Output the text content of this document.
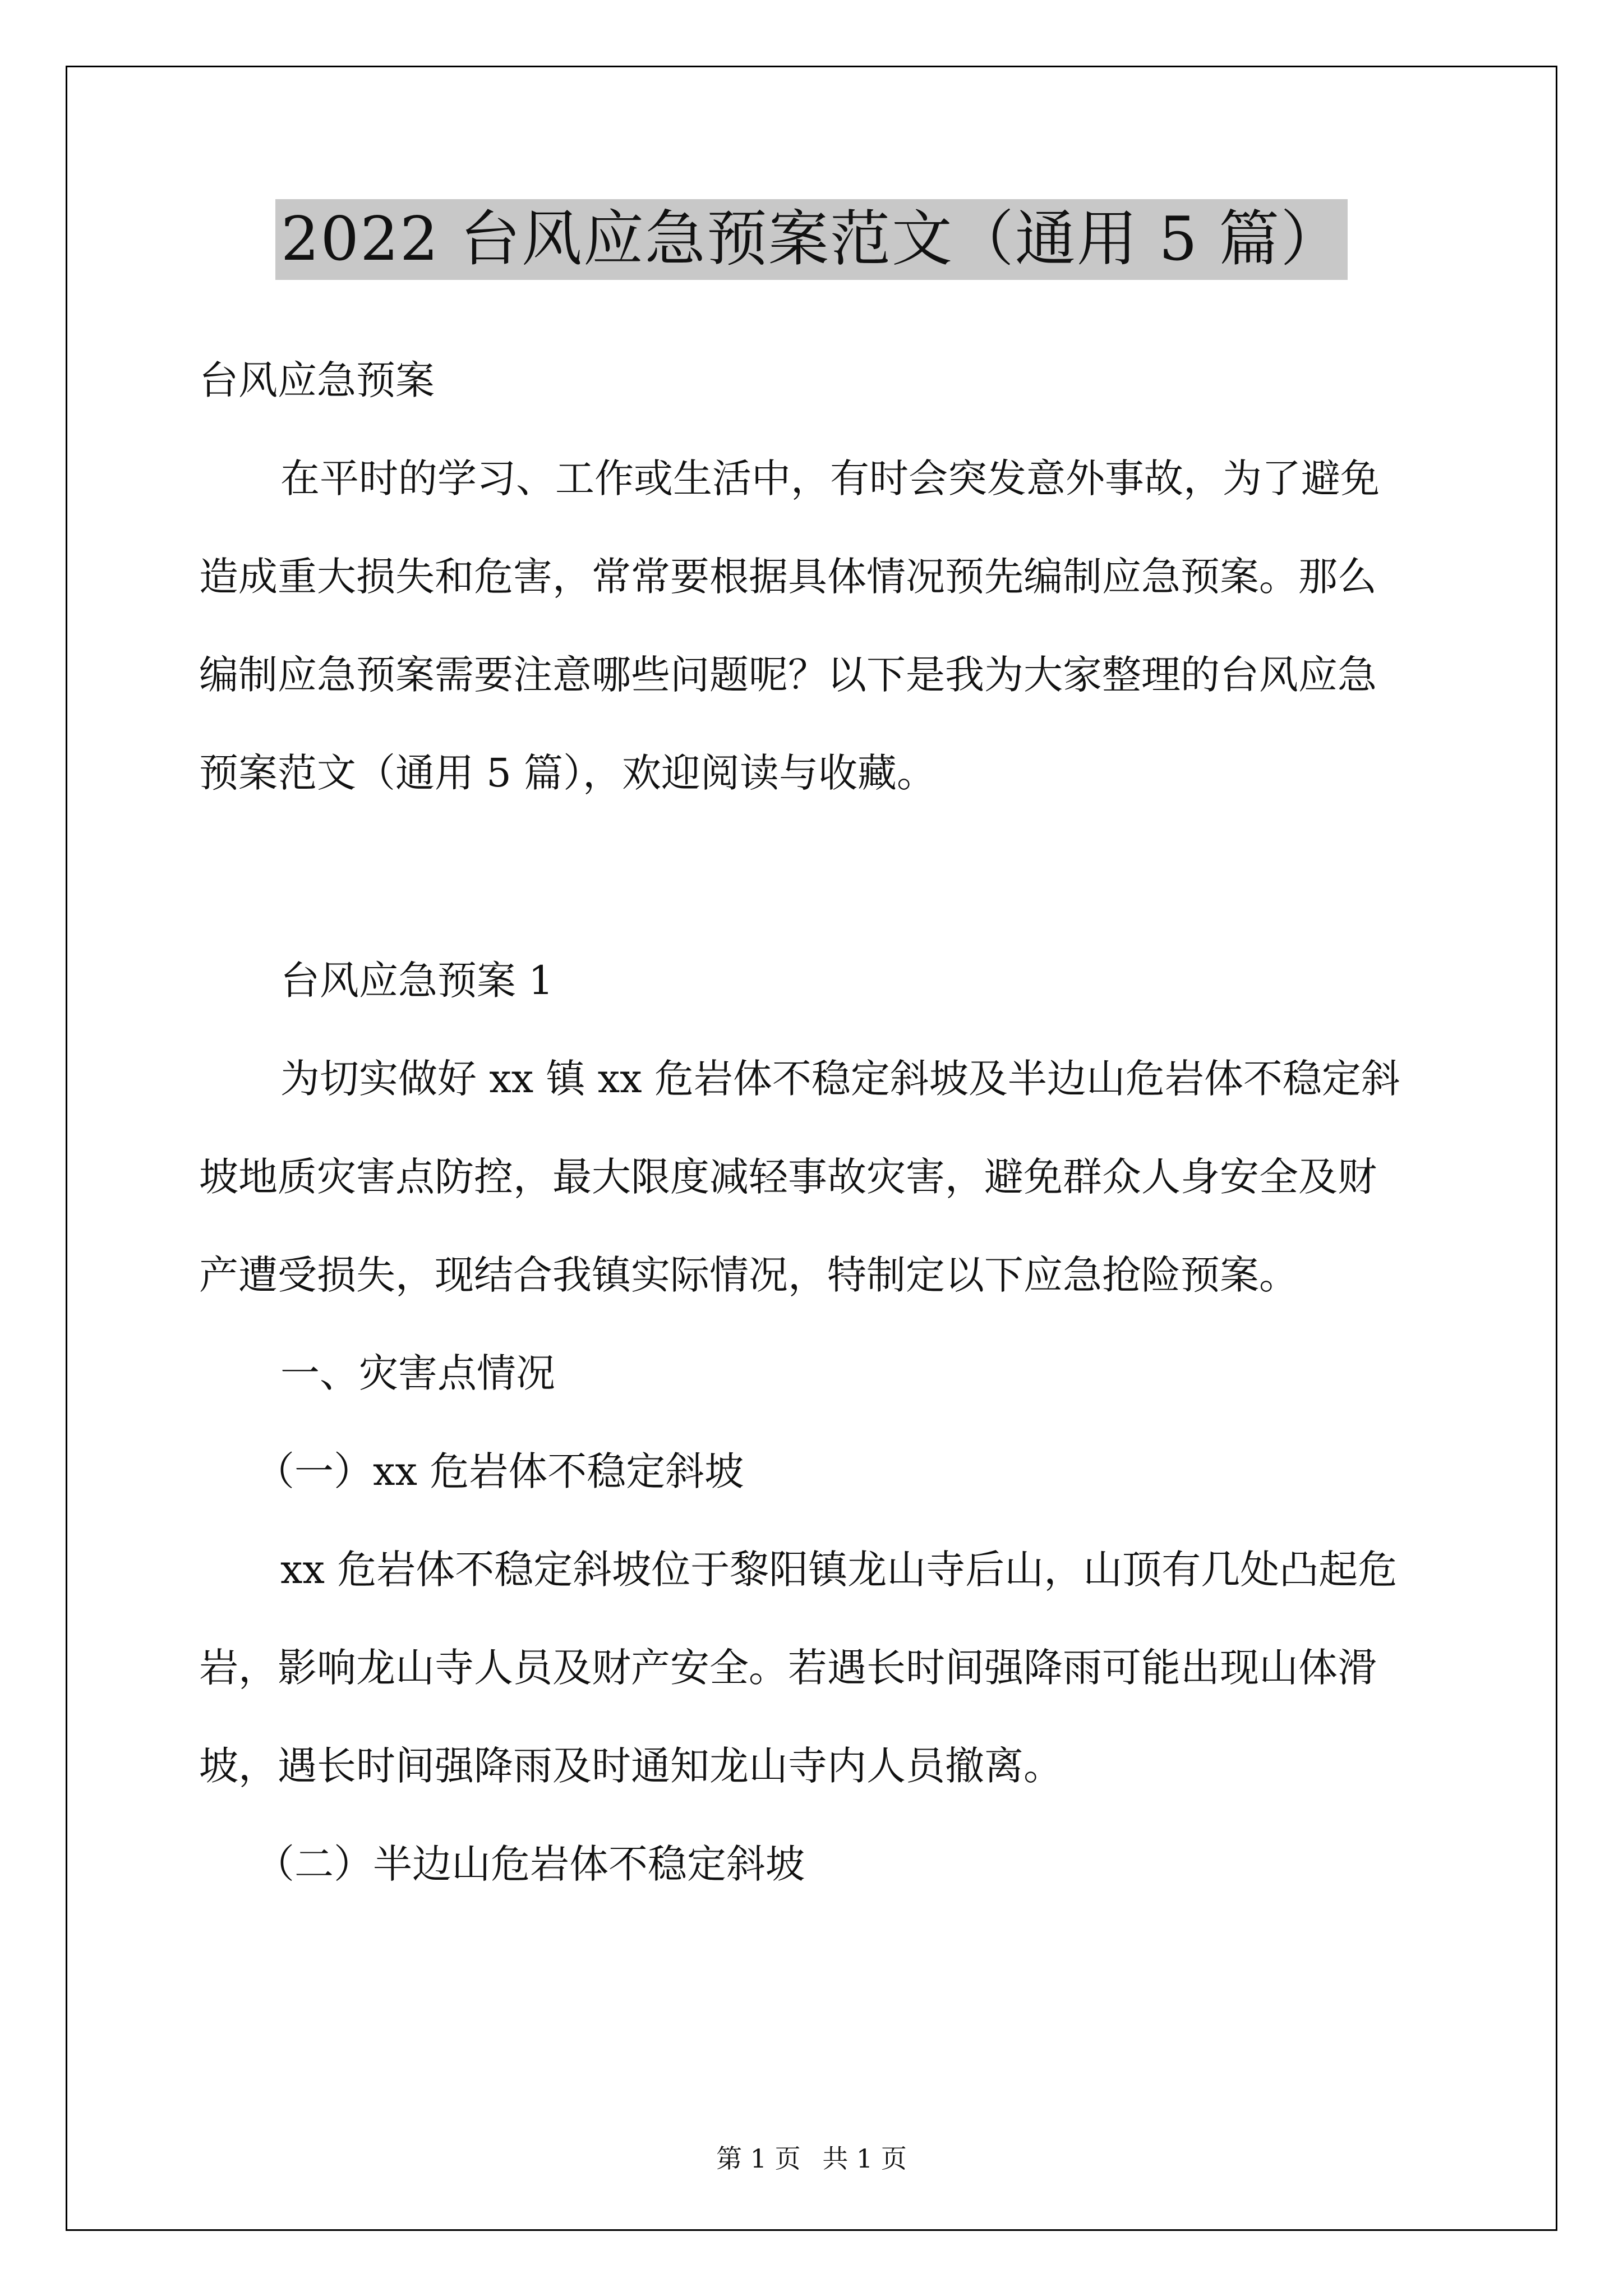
2022 台风应急预案范文（通用 5 篇）
台风应急预案
在平时的学习、工作或生活中，有时会突发意外事故，为了避免
造成重大损失和危害，常常要根据具体情况预先编制应急预案。那么
编制应急预案需要注意哪些问题呢？以下是我为大家整理的台风应急
预案范文（通用 5 篇），欢迎阅读与收藏。
台风应急预案 1
为切实做好 xx 镇 xx 危岩体不稳定斜坡及半边山危岩体不稳定斜
坡地质灾害点防控，最大限度减轻事故灾害，避免群众人身安全及财
产遭受损失，现结合我镇实际情况，特制定以下应急抢险预案。
一、灾害点情况
（一）xx 危岩体不稳定斜坡
xx 危岩体不稳定斜坡位于黎阳镇龙山寺后山，山顶有几处凸起危
岩，影响龙山寺人员及财产安全。若遇长时间强降雨可能出现山体滑
坡，遇长时间强降雨及时通知龙山寺内人员撤离。
（二）半边山危岩体不稳定斜坡
第 1 页 共 1 页
